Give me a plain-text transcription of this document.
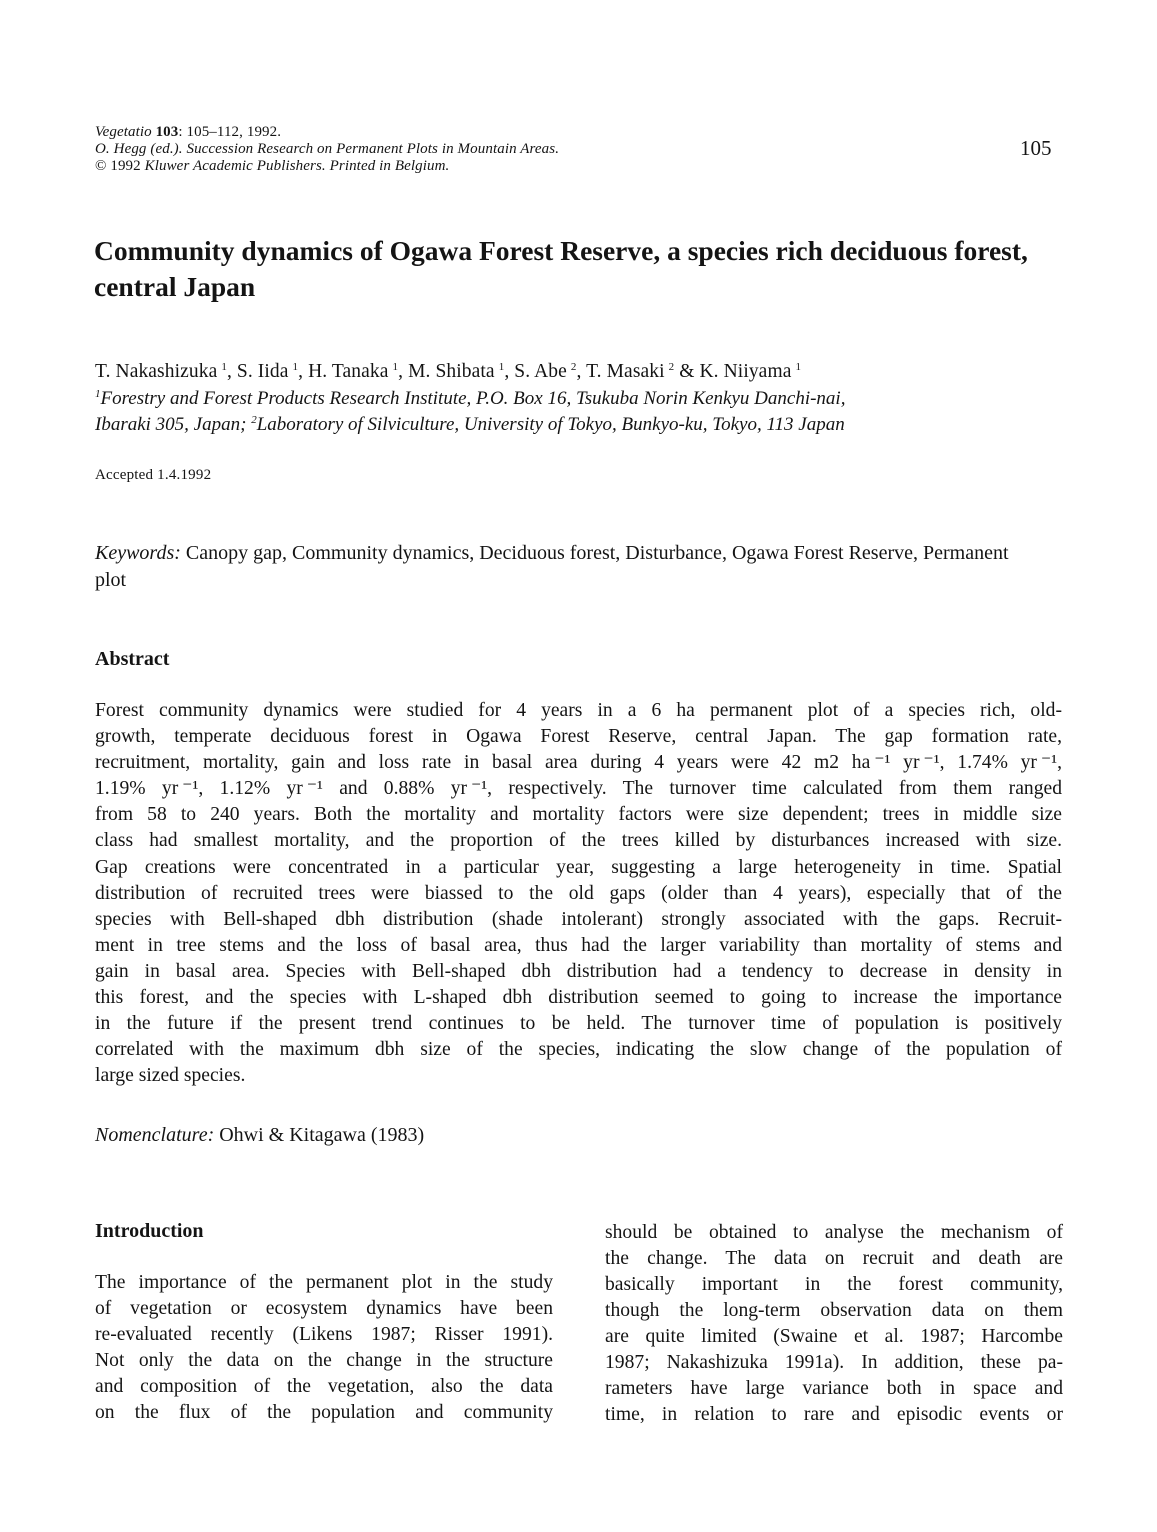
Vegetatio 103: 105–112, 1992.
O. Hegg (ed.). Succession Research on Permanent Plots in Mountain Areas.
© 1992 Kluwer Academic Publishers. Printed in Belgium.
105
Community dynamics of Ogawa Forest Reserve, a species rich deciduous forest, central Japan
T. Nakashizuka  $^1$, S. Iida  $^1$, H. Tanaka  $^1$, M. Shibata  $^1$, S. Abe  $^2$, T. Masaki  $^2$ & K. Niiyama  $^1$
$^1$Forestry and Forest Products Research Institute, P.O. Box 16, Tsukuba Norin Kenkyu Danchi-nai,
Ibaraki 305, Japan; $^2$Laboratory of Silviculture, University of Tokyo, Bunkyo-ku, Tokyo, 113 Japan
Accepted 1.4.1992
Keywords: Canopy gap, Community dynamics, Deciduous forest, Disturbance, Ogawa Forest Reserve, Permanent plot
Abstract
Forest community dynamics were studied for 4 years in a 6 ha permanent plot of a species rich, old-
growth, temperate deciduous forest in Ogawa Forest Reserve, central Japan. The gap formation rate,
recruitment, mortality, gain and loss rate in basal area during 4 years were 42 m2 ha ⁻¹ yr ⁻¹, 1.74% yr ⁻¹,
1.19% yr ⁻¹, 1.12% yr ⁻¹ and 0.88% yr ⁻¹, respectively. The turnover time calculated from them ranged
from 58 to 240 years. Both the mortality and mortality factors were size dependent; trees in middle size
class had smallest mortality, and the proportion of the trees killed by disturbances increased with size.
Gap creations were concentrated in a particular year, suggesting a large heterogeneity in time. Spatial
distribution of recruited trees were biassed to the old gaps (older than 4 years), especially that of the
species with Bell-shaped dbh distribution (shade intolerant) strongly associated with the gaps. Recruit-
ment in tree stems and the loss of basal area, thus had the larger variability than mortality of stems and
gain in basal area. Species with Bell-shaped dbh distribution had a tendency to decrease in density in
this forest, and the species with L-shaped dbh distribution seemed to going to increase the importance
in the future if the present trend continues to be held. The turnover time of population is positively
correlated with the maximum dbh size of the species, indicating the slow change of the population of
large sized species.
Nomenclature: Ohwi & Kitagawa (1983)
Introduction
The importance of the permanent plot in the study
of vegetation or ecosystem dynamics have been
re-evaluated recently (Likens 1987; Risser 1991).
Not only the data on the change in the structure
and composition of the vegetation, also the data
on the flux of the population and community
should be obtained to analyse the mechanism of
the change. The data on recruit and death are
basically important in the forest community,
though the long-term observation data on them
are quite limited (Swaine et al. 1987; Harcombe
1987; Nakashizuka 1991a). In addition, these pa-
rameters have large variance both in space and
time, in relation to rare and episodic events or
